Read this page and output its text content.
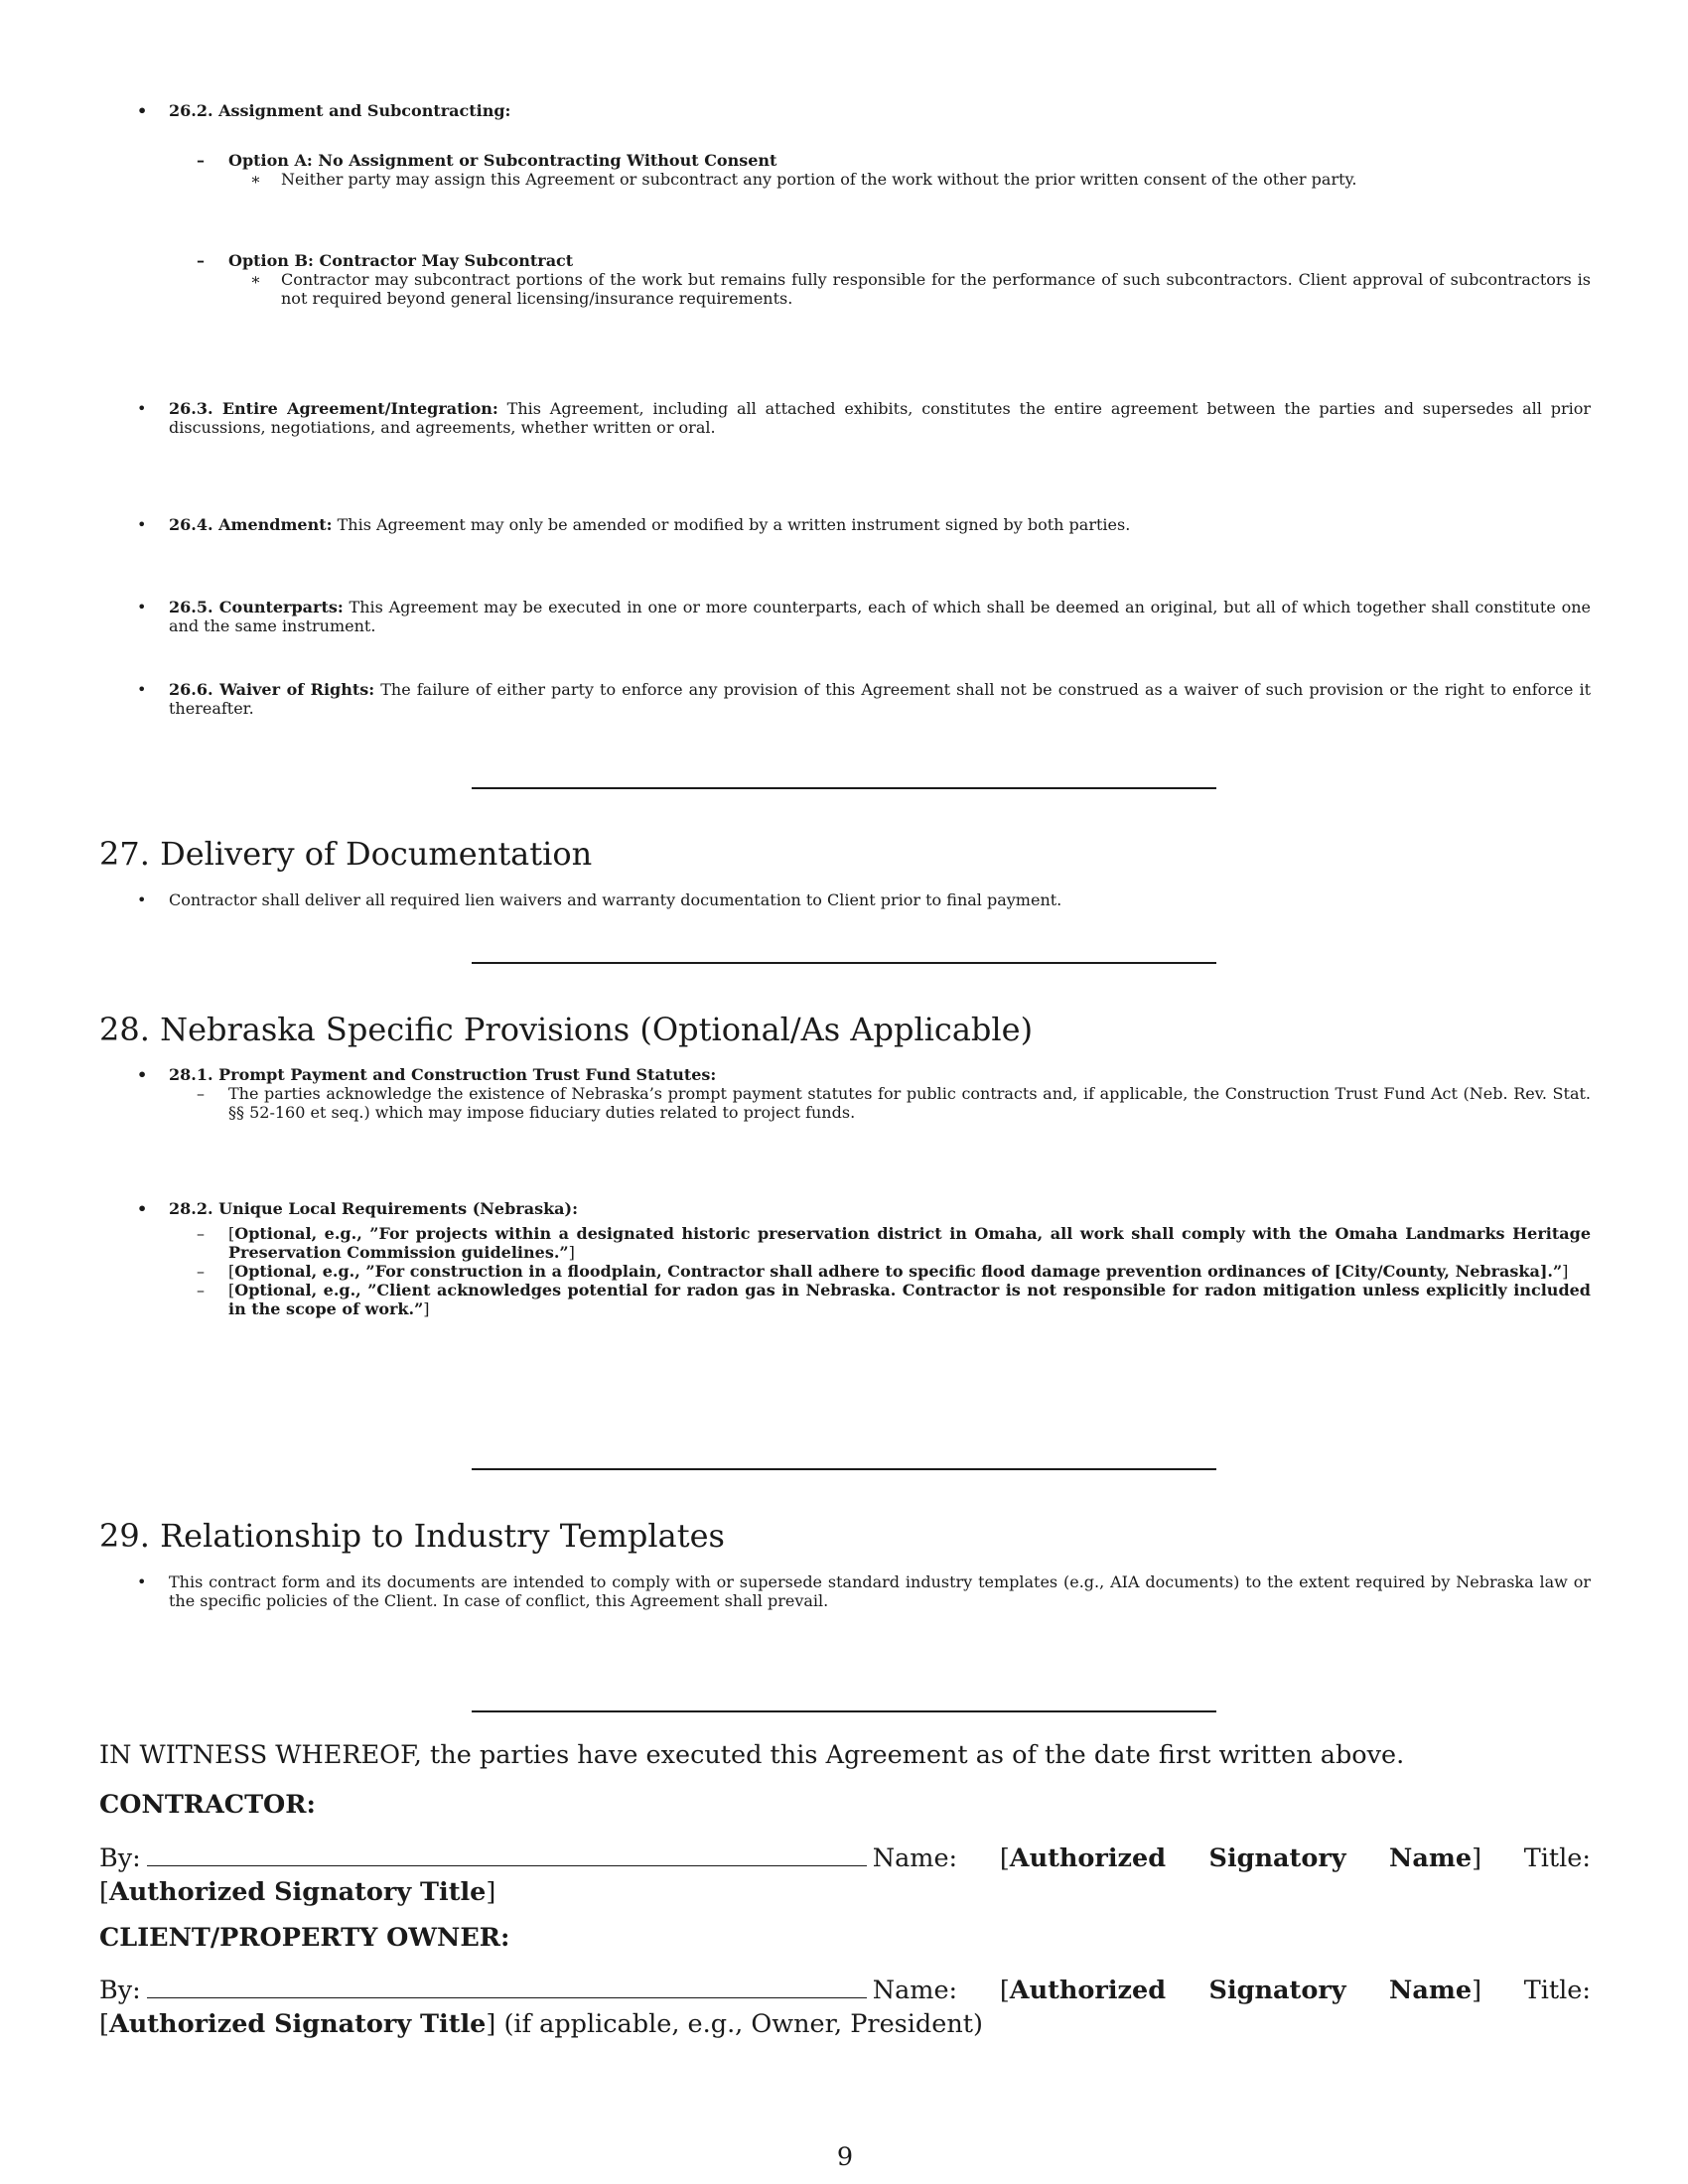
• 26.2. Assignment and Subcontracting:
– Option A: No Assignment or Subcontracting Without Consent
∗ Neither party may assign this Agreement or subcontract any portion of the work without the prior written consent of the other party.
– Option B: Contractor May Subcontract
∗ Contractor may subcontract portions of the work but remains fully responsible for the performance of such subcontractors. Client approval of subcontractors is not required beyond general licensing/insurance requirements.
• 26.3. Entire Agreement/Integration: This Agreement, including all attached exhibits, constitutes the entire agreement between the parties and supersedes all prior discussions, negotiations, and agreements, whether written or oral.
• 26.4. Amendment: This Agreement may only be amended or modified by a written instrument signed by both parties.
• 26.5. Counterparts: This Agreement may be executed in one or more counterparts, each of which shall be deemed an original, but all of which together shall constitute one and the same instrument.
• 26.6. Waiver of Rights: The failure of either party to enforce any provision of this Agreement shall not be construed as a waiver of such provision or the right to enforce it thereafter.
27. Delivery of Documentation
• Contractor shall deliver all required lien waivers and warranty documentation to Client prior to final payment.
28. Nebraska Specific Provisions (Optional/As Applicable)
• 28.1. Prompt Payment and Construction Trust Fund Statutes:
– The parties acknowledge the existence of Nebraska’s prompt payment statutes for public contracts and, if applicable, the Construction Trust Fund Act (Neb. Rev. Stat. §§ 52-160 et seq.) which may impose fiduciary duties related to project funds.
• 28.2. Unique Local Requirements (Nebraska):
– [Optional, e.g., ”For projects within a designated historic preservation district in Omaha, all work shall comply with the Omaha Landmarks Heritage Preservation Commission guidelines.”]
– [Optional, e.g., ”For construction in a floodplain, Contractor shall adhere to specific flood damage prevention ordinances of [City/County, Nebraska].”]
– [Optional, e.g., ”Client acknowledges potential for radon gas in Nebraska. Contractor is not responsible for radon mitigation unless explicitly included in the scope of work.”]
29. Relationship to Industry Templates
• This contract form and its documents are intended to comply with or supersede standard industry templates (e.g., AIA documents) to the extent required by Nebraska law or the specific policies of the Client. In case of conflict, this Agreement shall prevail.
IN WITNESS WHEREOF, the parties have executed this Agreement as of the date first written above.
CONTRACTOR:
By:	Name: [Authorized Signatory Name] Title: [Authorized Signatory Title]
CLIENT/PROPERTY OWNER:
By:	Name: [Authorized Signatory Name] Title: [Authorized Signatory Title] (if applicable, e.g., Owner, President)
9
